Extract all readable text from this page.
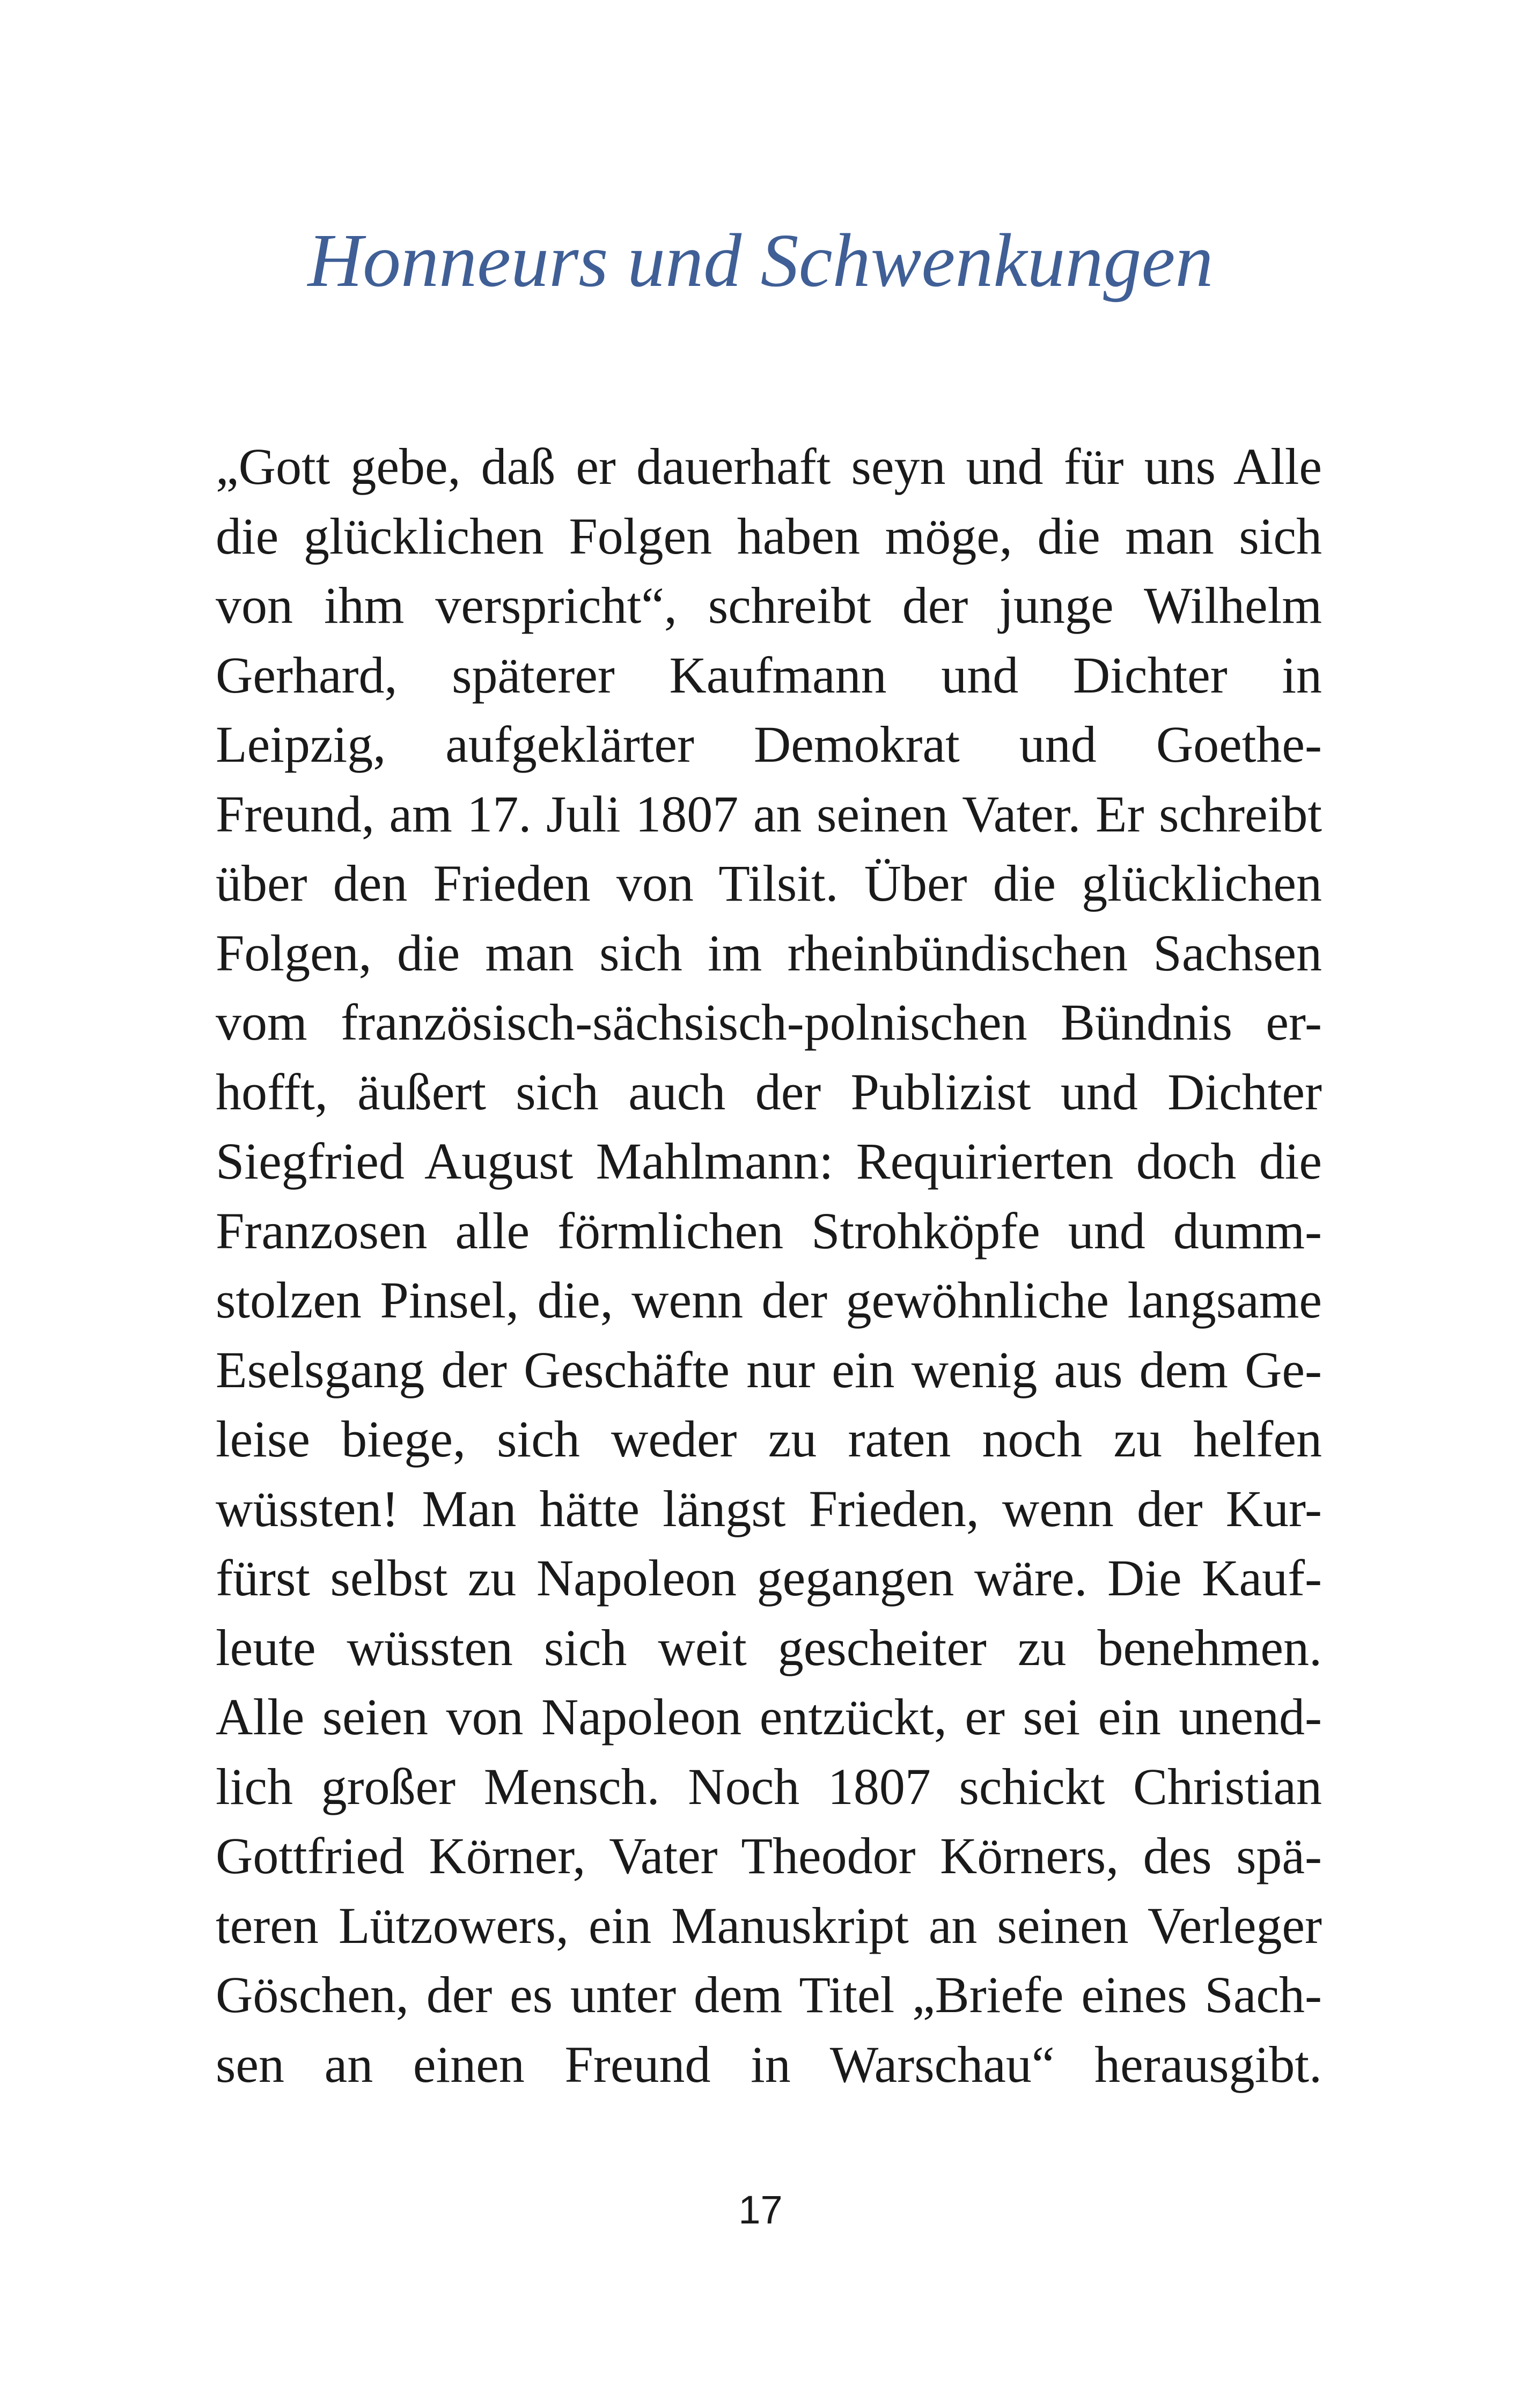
Honneurs und Schwenkungen
„Gott gebe, daß er dauerhaft seyn und für uns Alle
die glücklichen Folgen haben möge, die man sich
von ihm verspricht“, schreibt der junge Wilhelm
Gerhard, späterer Kaufmann und Dichter in
Leipzig, aufgeklärter Demokrat und Goethe-
Freund, am 17. Juli 1807 an seinen Vater. Er schreibt
über den Frieden von Tilsit. Über die glücklichen
Folgen, die man sich im rheinbündischen Sachsen
vom französisch-sächsisch-polnischen Bündnis er-
hofft, äußert sich auch der Publizist und Dichter
Siegfried August Mahlmann: Requirierten doch die
Franzosen alle förmlichen Strohköpfe und dumm-
stolzen Pinsel, die, wenn der gewöhnliche langsame
Eselsgang der Geschäfte nur ein wenig aus dem Ge-
leise biege, sich weder zu raten noch zu helfen
wüssten! Man hätte längst Frieden, wenn der Kur-
fürst selbst zu Napoleon gegangen wäre. Die Kauf-
leute wüssten sich weit gescheiter zu benehmen.
Alle seien von Napoleon entzückt, er sei ein unend-
lich großer Mensch. Noch 1807 schickt Christian
Gottfried Körner, Vater Theodor Körners, des spä-
teren Lützowers, ein Manuskript an seinen Verleger
Göschen, der es unter dem Titel „Briefe eines Sach-
sen an einen Freund in Warschau“ herausgibt.
17
